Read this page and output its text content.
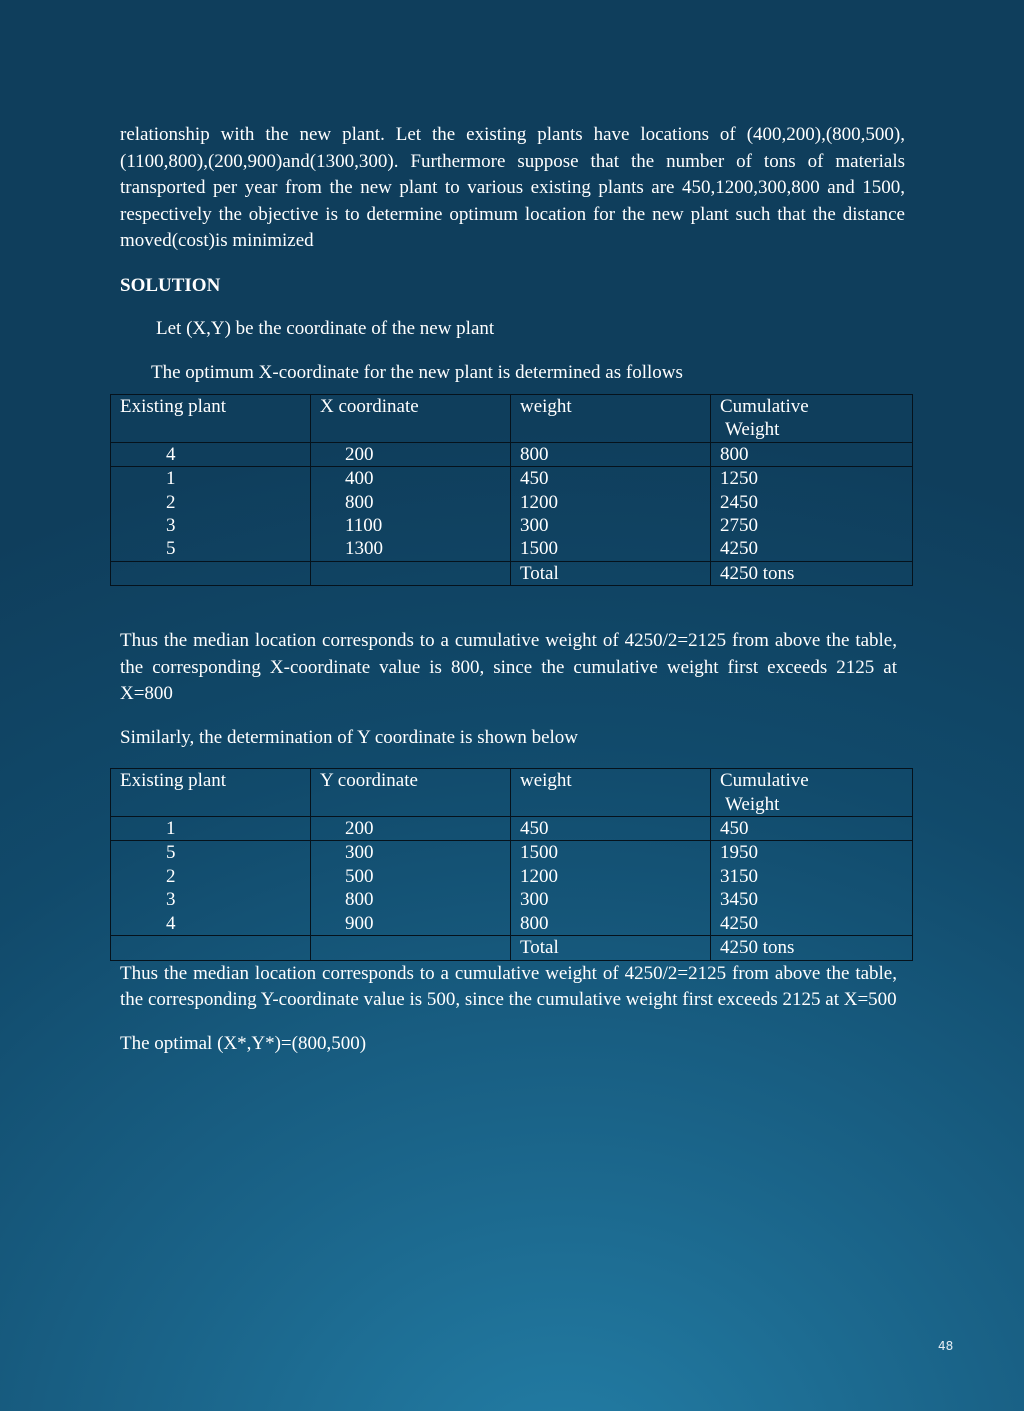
relationship with the new plant. Let the existing plants have locations of (400,200),(800,500),(1100,800),(200,900)and(1300,300). Furthermore suppose that the number of tons of materials transported per year from the new plant to various existing plants are 450,1200,300,800 and 1500, respectively the objective is to determine optimum location for the new plant such that the distance moved(cost)is minimized

SOLUTION

Let (X,Y) be the coordinate of the new plant

The optimum X-coordinate for the new plant is determined as follows

Existing plant	X coordinate	weight	Cumulative
Weight

4	200	800	800
1	400	450	1250
2	800	1200	2450
3	1100	300	2750
5	1300	1500	4250
		Total	4250 tons

Thus the median location corresponds to a cumulative weight of 4250/2=2125 from above the table, the corresponding X-coordinate value is 800, since the cumulative weight first exceeds 2125 at X=800

Similarly, the determination of Y coordinate is shown below

Existing plant	Y coordinate	weight	Cumulative
Weight

1	200	450	450
5	300	1500	1950
2	500	1200	3150
3	800	300	3450
4	900	800	4250
		Total	4250 tons

Thus the median location corresponds to a cumulative weight of 4250/2=2125 from above the table, the corresponding Y-coordinate value is 500, since the cumulative weight first exceeds 2125 at X=500

The optimal (X*,Y*)=(800,500)

48
